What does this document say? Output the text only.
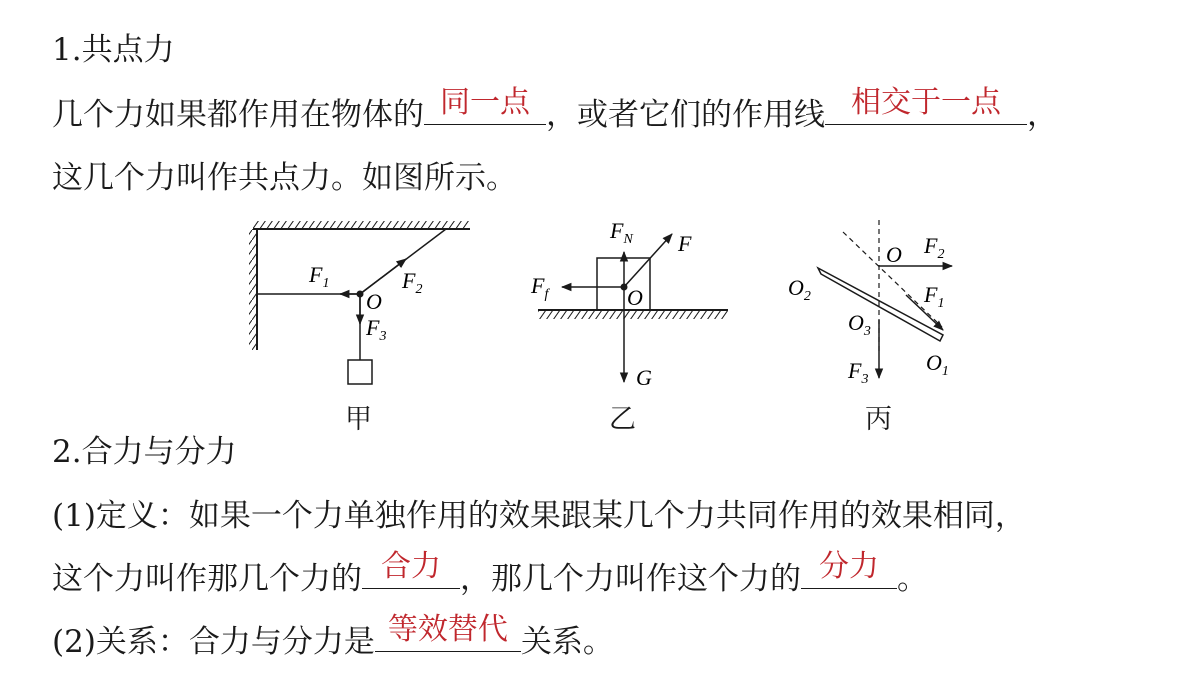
1.共点力
几个力如果都作用在物体的 同一点 ，或者它们的作用线 相交于一点 ，
这几个力叫作共点力。如图所示。
$F_1$	$F_2$
$F_3$
O
$F_N$ F
$F_f$	O
G
O $F_2$
$O_2$	$F_1$
$O_3$
$F_3$
$O_1$
甲	乙	丙
2.合力与分力
(1)定义：如果一个力单独作用的效果跟某几个力共同作用的效果相同，
这个力叫作那几个力的 合力 ，那几个力叫作这个力的 分力 。
(2)关系：合力与分力是 等效替代 关系。
